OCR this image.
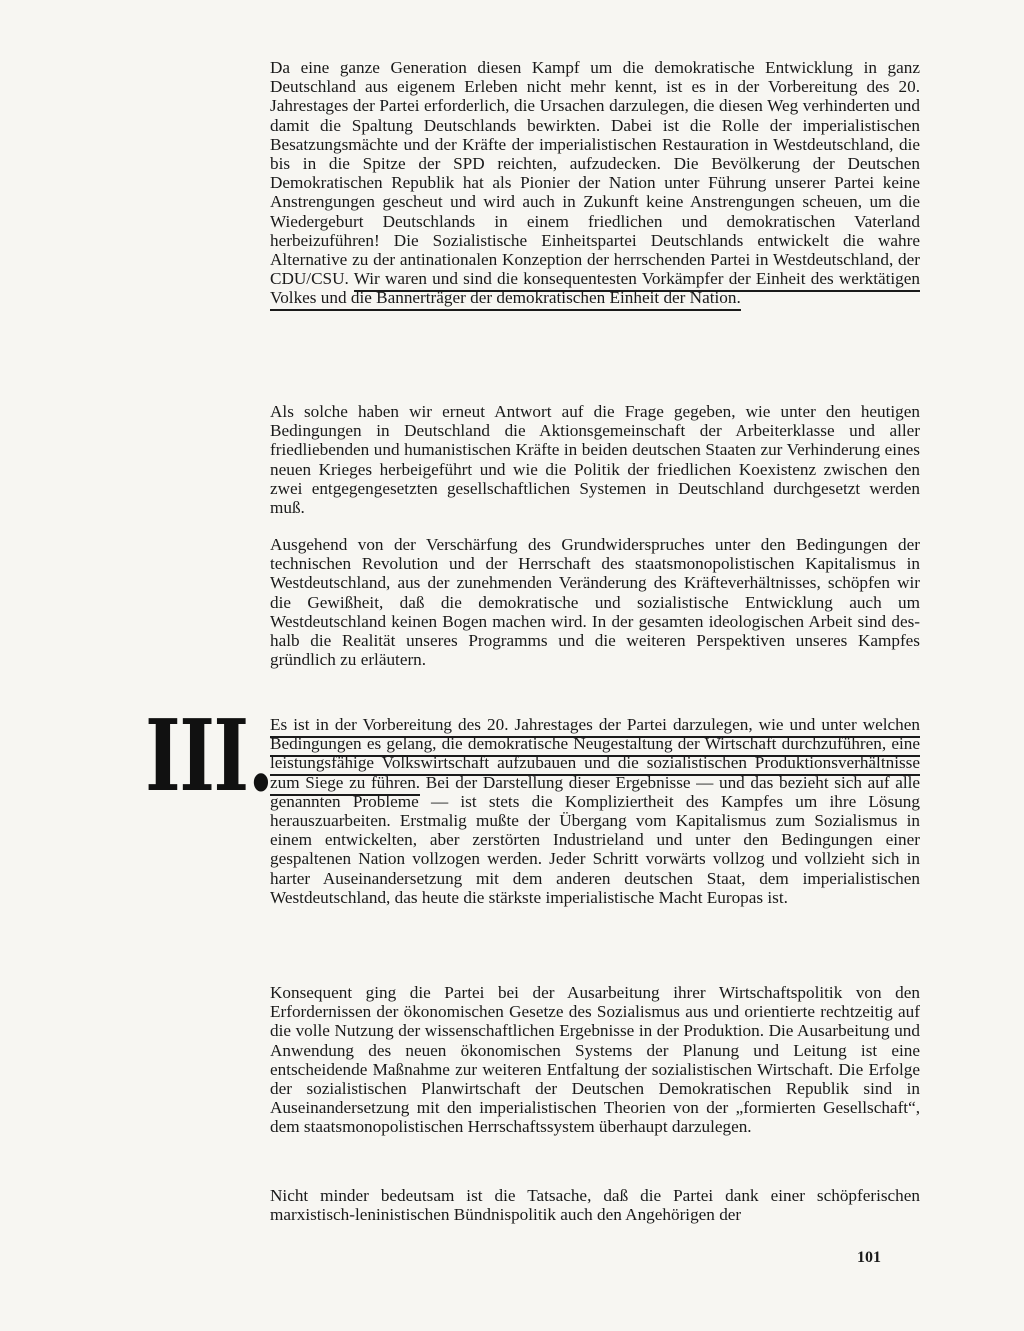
Da eine ganze Generation diesen Kampf um die demokratische Entwicklung in ganz Deutschland aus eigenem Erleben nicht mehr kennt, ist es in der Vorbereitung des 20. Jahrestages der Partei erforderlich, die Ursachen darzulegen, die diesen Weg verhinderten und damit die Spaltung Deutschlands bewirkten. Dabei ist die Rolle der imperialistischen Besatzungsmächte und der Kräfte der imperialistischen Restauration in Westdeutschland, die bis in die Spitze der SPD reichten, aufzudecken. Die Bevölkerung der Deutschen Demokratischen Republik hat als Pionier der Nation unter Führung unserer Partei keine Anstrengungen gescheut und wird auch in Zukunft keine Anstrengungen scheuen, um die Wiedergeburt Deutschlands in einem friedlichen und demokratischen Vaterland herbeizuführen! Die Sozialistische Einheitspartei Deutschlands entwickelt die wahre Alternative zu der antinationalen Konzeption der herrschenden Partei in Westdeutschland, der CDU/CSU. Wir waren und sind die konsequentesten Vorkämpfer der Einheit des werktätigen Volkes und die Bannerträger der demokratischen Einheit der Nation.

Als solche haben wir erneut Antwort auf die Frage gegeben, wie unter den heutigen Bedingungen in Deutschland die Aktionsgemeinschaft der Arbeiterklasse und aller friedliebenden und humanistischen Kräfte in beiden deutschen Staaten zur Verhinderung eines neuen Krieges herbeigeführt und wie die Politik der friedlichen Koexistenz zwischen den zwei entgegengesetzten gesellschaftlichen Systemen in Deutschland durchgesetzt werden muß.

Ausgehend von der Verschärfung des Grundwiderspruches unter den Bedingungen der technischen Revolution und der Herrschaft des staatsmonopolistischen Kapitalismus in Westdeutschland, aus der zunehmenden Veränderung des Kräfteverhältnisses, schöpfen wir die Gewißheit, daß die demokratische und sozialistische Entwicklung auch um Westdeutschland keinen Bogen machen wird. In der gesamten ideologischen Arbeit sind deshalb die Realität unseres Programms und die weiteren Perspektiven unseres Kampfes gründlich zu erläutern.

III.

Es ist in der Vorbereitung des 20. Jahrestages der Partei darzulegen, wie und unter welchen Bedingungen es gelang, die demokratische Neugestaltung der Wirtschaft durchzuführen, eine leistungsfähige Volkswirtschaft aufzubauen und die sozialistischen Produktionsverhältnisse zum Siege zu führen. Bei der Darstellung dieser Ergebnisse — und das bezieht sich auf alle genannten Probleme — ist stets die Kompliziertheit des Kampfes um ihre Lösung herauszuarbeiten. Erstmalig mußte der Übergang vom Kapitalismus zum Sozialismus in einem entwickelten, aber zerstörten Industrieland und unter den Bedingungen einer gespaltenen Nation vollzogen werden. Jeder Schritt vorwärts vollzog und vollzieht sich in harter Auseinandersetzung mit dem anderen deutschen Staat, dem imperialistischen Westdeutschland, das heute die stärkste imperialistische Macht Europas ist.

Konsequent ging die Partei bei der Ausarbeitung ihrer Wirtschaftspolitik von den Erfordernissen der ökonomischen Gesetze des Sozialismus aus und orientierte rechtzeitig auf die volle Nutzung der wissenschaftlichen Ergebnisse in der Produktion. Die Ausarbeitung und Anwendung des neuen ökonomischen Systems der Planung und Leitung ist eine entscheidende Maßnahme zur weiteren Entfaltung der sozialistischen Wirtschaft. Die Erfolge der sozialistischen Planwirtschaft der Deutschen Demokratischen Republik sind in Auseinandersetzung mit den imperialistischen Theorien von der „formierten Gesellschaft“, dem staatsmonopolistischen Herrschaftssystem überhaupt darzulegen.

Nicht minder bedeutsam ist die Tatsache, daß die Partei dank einer schöpferischen marxistisch-leninistischen Bündnispolitik auch den Angehörigen der

101
